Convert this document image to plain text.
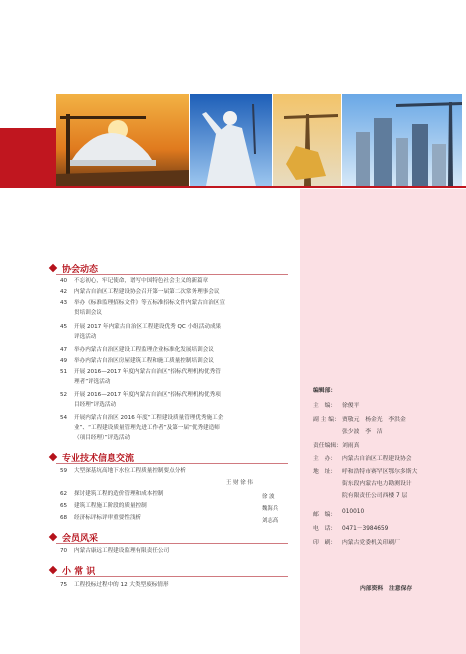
协会动态
40 不忘初心，牢记使命，谱写中国特色社会主义的新篇章
42 内蒙古自治区工程建设协会召开第一届第二次常务理事会议
43 举办《标准监理招标文件》等五标准招标文件内蒙古自治区宣
贯培训会议
45 开展 2017 年内蒙古自治区工程建设优秀 QC 小组活动成果
评选活动
47 举办内蒙古自治区建设工程监理企业标准化发展培训会议
49 举办内蒙古自治区房屋建筑工程和施工质量控制培训会议
51 开展 2016—2017 年度内蒙古自治区“招标代理机构优秀管
理者”评选活动
52 开展 2016—2017 年度内蒙古自治区“招标代理机构优秀项
目经理”评选活动
54 开展内蒙古自治区 2016 年度“工程建设质量管理优秀施工企
业”、“工程建设质量管理先进工作者”及第一届“优秀建造师
（项目经理）”评选活动
专业技术信息交流
59 大型深基坑高地下水位工程质量控制要点分析
王 财 徐 伟
62 探讨建筑工程的造价管理和成本控制	徐 波
65 建筑工程施工阶段的质量控制	魏海兵
68 经济标评标评审重要性浅析	刘志高
会员风采
70 内蒙古康远工程建设监理有限责任公司
小 常 识
75 工程投标过程中的 12 大类型废标情形
编辑部：
主　编： 徐俊平
副 主 编： 贾敬元　杨金光　李洪金
张少波　李　洁
责任编辑： 刘雨真
主　办： 内蒙古自治区工程建设协会
地　址： 呼和浩特市赛罕区鄂尔多斯大
街东段内蒙古电力勘测设计
院有限责任公司西楼 7 层
邮　编： 010010
电　话： 0471－3984659
印　刷： 内蒙古党委机关印刷厂
内部资料　注意保存
